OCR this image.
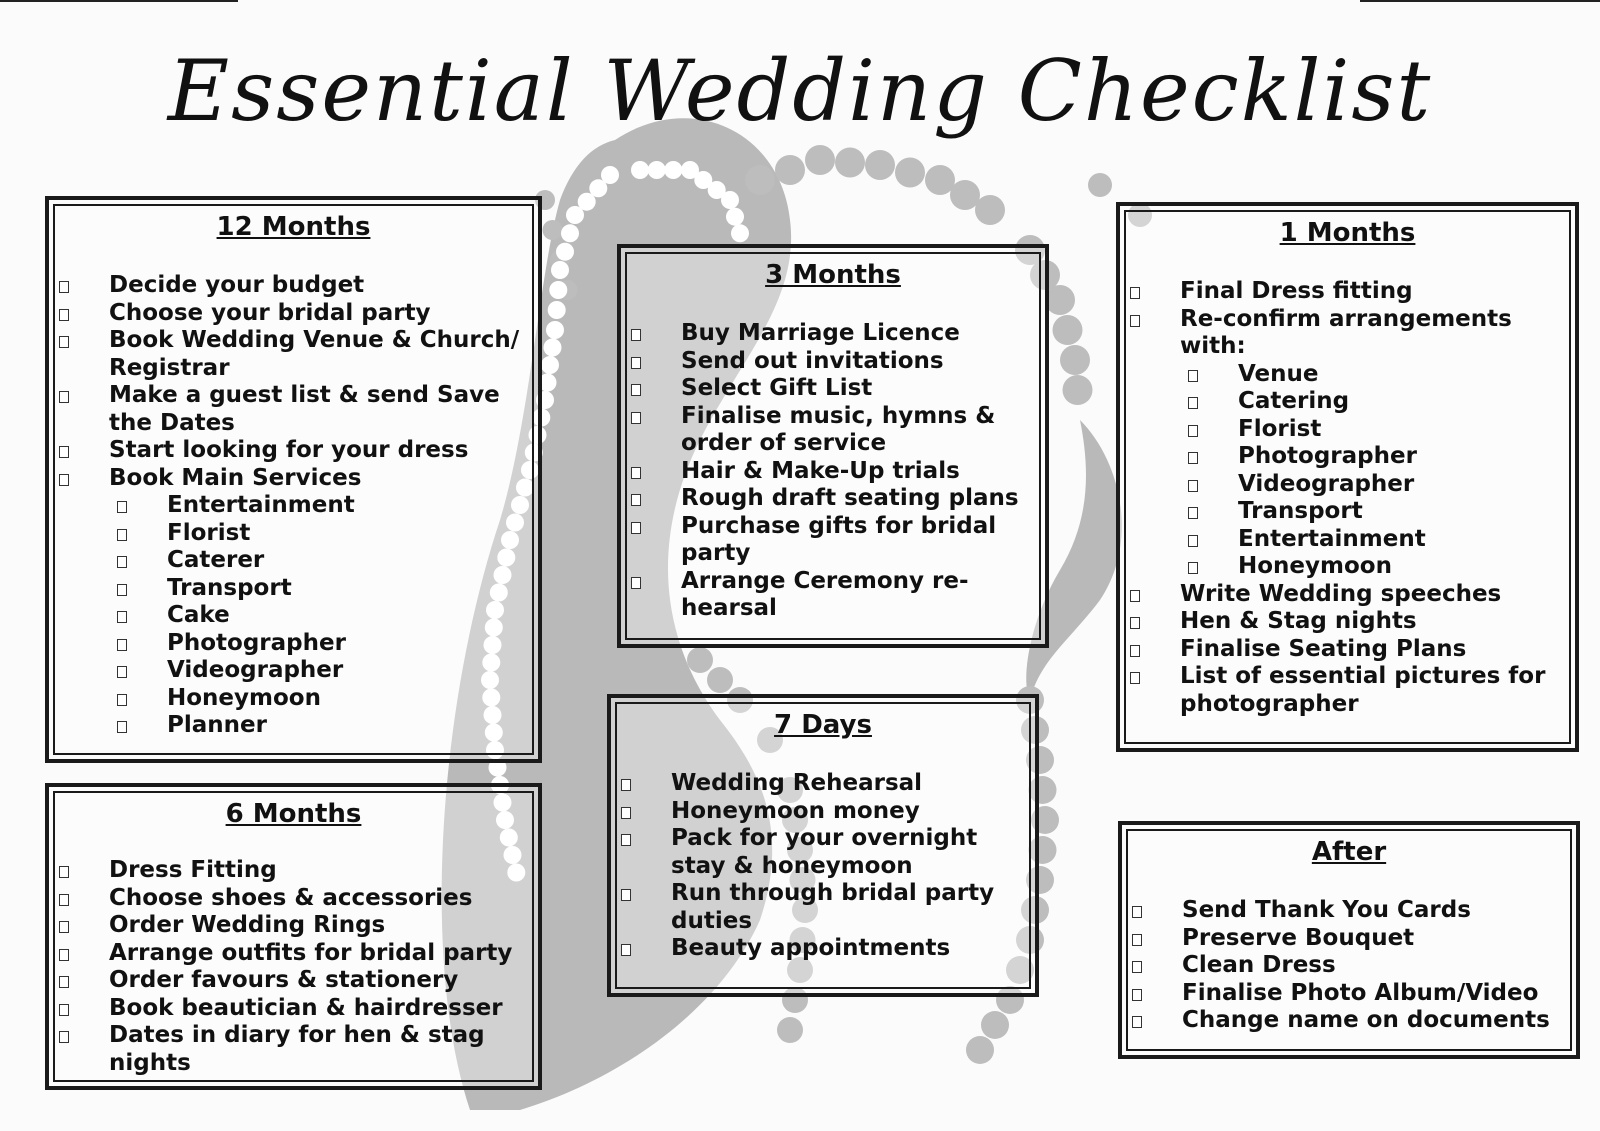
Essential Wedding Checklist
12 Months
Decide your budget
Choose your bridal party
Book Wedding Venue & Church/ Registrar
Make a guest list & send Save the Dates
Start looking for your dress
Book Main Services
Entertainment
Florist
Caterer
Transport
Cake
Photographer
Videographer
Honeymoon
Planner
6 Months
Dress Fitting
Choose shoes & accessories
Order Wedding Rings
Arrange outfits for bridal party
Order favours & stationery
Book beautician & hairdresser
Dates in diary for hen & stag nights
3 Months
Buy Marriage Licence
Send out invitations
Select Gift List
Finalise music, hymns & order of service
Hair & Make-Up trials
Rough draft seating plans
Purchase gifts for bridal party
Arrange Ceremony re-hearsal
7 Days
Wedding Rehearsal
Honeymoon money
Pack for your overnight stay & honeymoon
Run through bridal party duties
Beauty appointments
1 Months
Final Dress fitting
Re-confirm arrangements with:
Venue
Catering
Florist
Photographer
Videographer
Transport
Entertainment
Honeymoon
Write Wedding speeches
Hen & Stag nights
Finalise Seating Plans
List of essential pictures for photographer
After
Send Thank You Cards
Preserve Bouquet
Clean Dress
Finalise Photo Album/Video
Change name on documents
